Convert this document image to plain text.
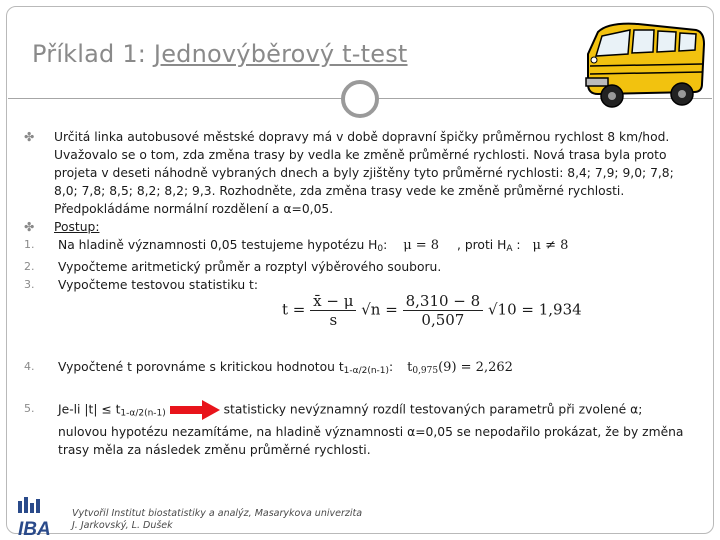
Příklad 1: Jednovýběrový t-test
✤ Určitá linka autobusové městské dopravy má v době dopravní špičky průměrnou rychlost 8 km/hod. Uvažovalo se o tom, zda změna trasy by vedla ke změně průměrné rychlosti. Nová trasa byla proto projeta v deseti náhodně vybraných dnech a byly zjištěny tyto průměrné rychlosti: 8,4; 7,9; 9,0; 7,8; 8,0; 7,8; 8,5; 8,2; 8,2; 9,3. Rozhodněte, zda změna trasy vede ke změně průměrné rychlosti. Předpokládáme normální rozdělení a α=0,05.
✤ Postup:
1. Na hladině významnosti 0,05 testujeme hypotézu $H_0$: μ = 8 , proti $H_A$ : μ ≠ 8
2. Vypočteme aritmetický průměr a rozptyl výběrového souboru.
3. Vypočteme testovou statistiku t:
$t = \frac{x̄ - \mu}{s} √n = \frac{8,310 - 8}{0,507} √10 = 1,934$
4. Vypočtené t porovnáme s kritickou hodnotou $t_{1-\alpha/2(n-1)}$: $t_{0,975}(9) = 2,262$
5. Je-li $|t| \le t_{1-\alpha/2(n-1)}$	statisticky nevýznamný rozdíl testovaných parametrů při zvolené α; nulovou hypotézu nezamítáme, na hladině významnosti α=0,05 se nepodařilo prokázat, že by změna trasy měla za následek změnu průměrné rychlosti.
IBA
Vytvořil Institut biostatistiky a analýz, Masarykova univerzita
J. Jarkovský, L. Dušek
